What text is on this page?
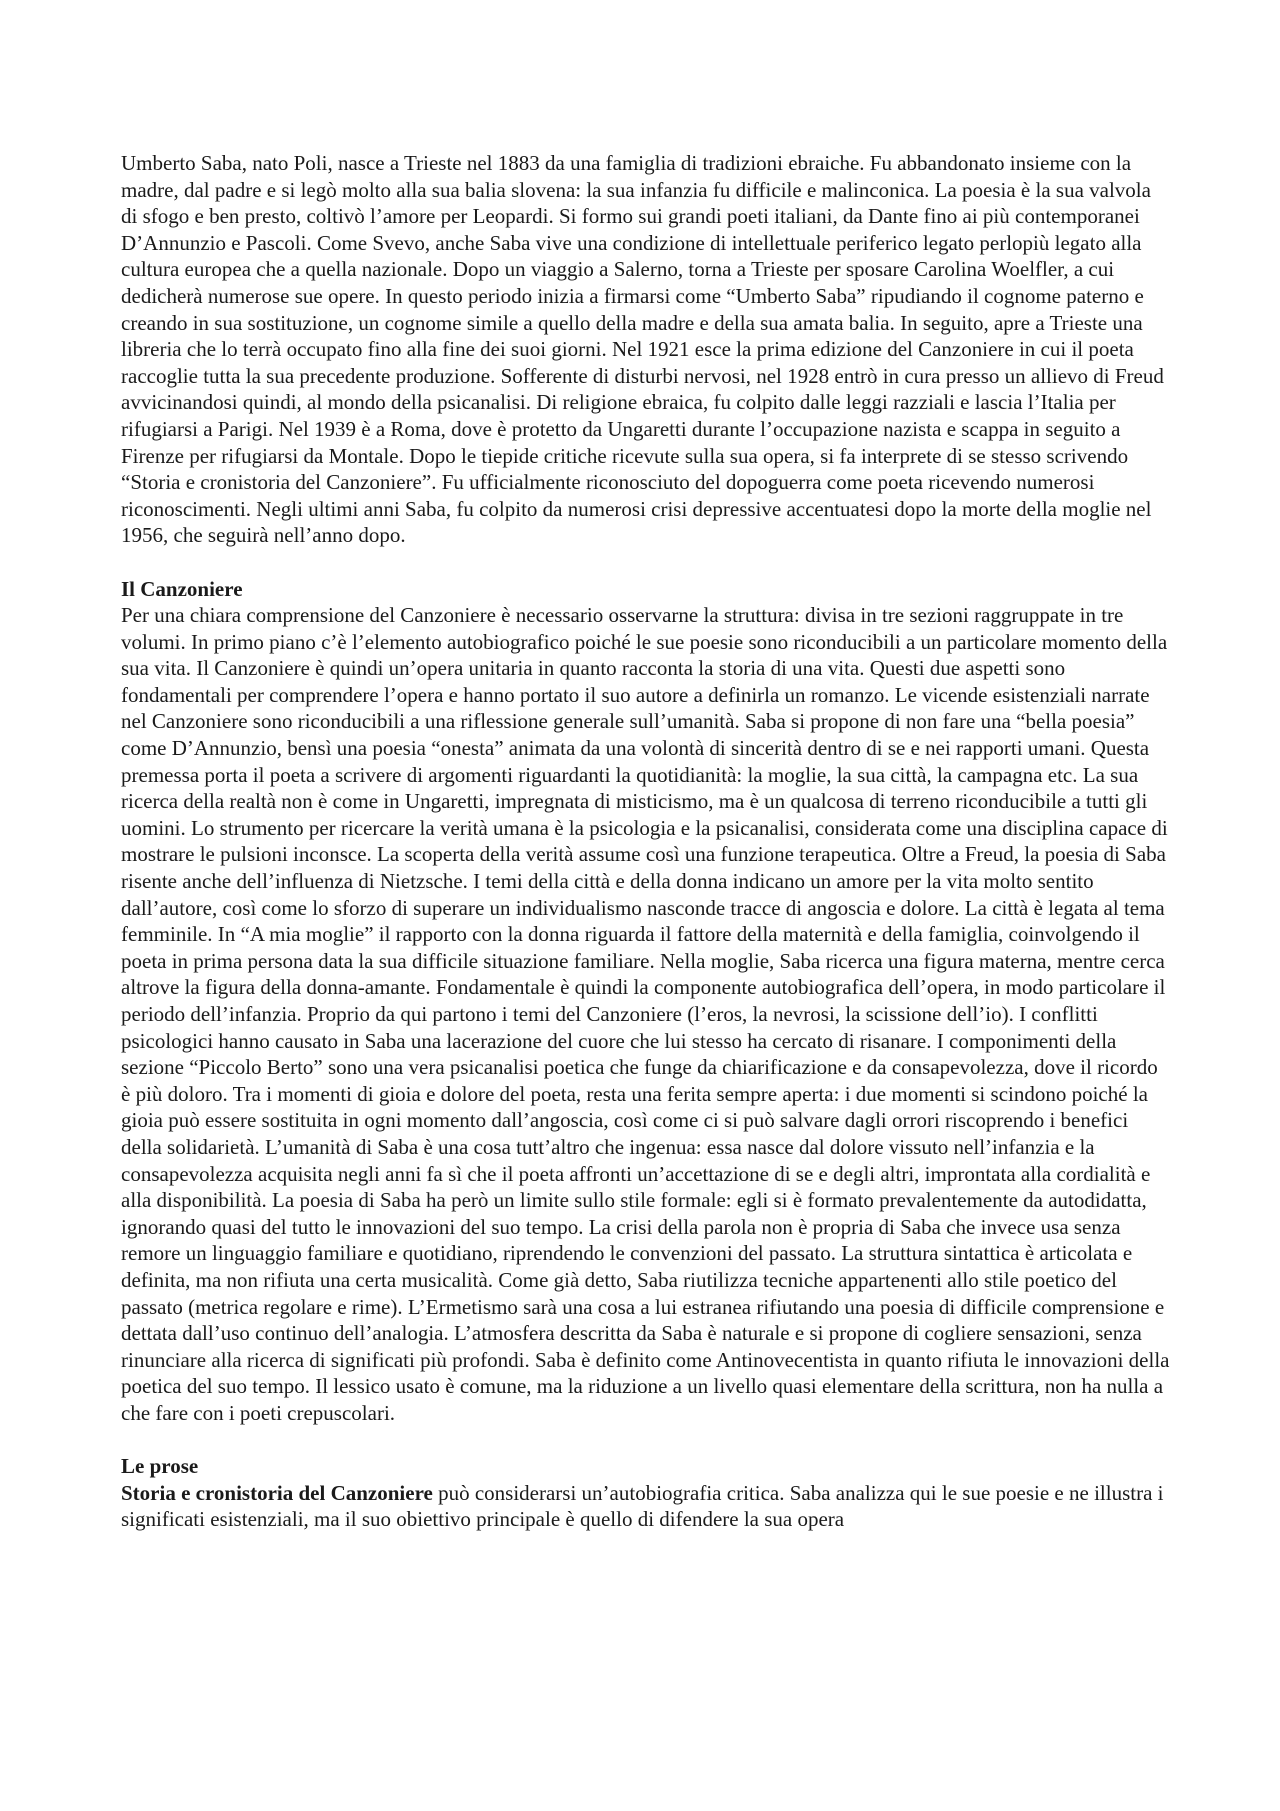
Umberto Saba, nato Poli, nasce a Trieste nel 1883 da una famiglia di tradizioni ebraiche. Fu abbandonato insieme con la madre, dal padre e si legò molto alla sua balia slovena: la sua infanzia fu difficile e malinconica. La poesia è la sua valvola di sfogo e ben presto, coltivò l’amore per Leopardi. Si formo sui grandi poeti italiani, da Dante fino ai più contemporanei D’Annunzio e Pascoli. Come Svevo, anche Saba vive una condizione di intellettuale periferico legato perlopiù legato alla cultura europea che a quella nazionale. Dopo un viaggio a Salerno, torna a Trieste per sposare Carolina Woelfler, a cui dedicherà numerose sue opere. In questo periodo inizia a firmarsi come “Umberto Saba” ripudiando il cognome paterno e creando in sua sostituzione, un cognome simile a quello della madre e della sua amata balia. In seguito, apre a Trieste una libreria che lo terrà occupato fino alla fine dei suoi giorni. Nel 1921 esce la prima edizione del Canzoniere in cui il poeta raccoglie tutta la sua precedente produzione. Sofferente di disturbi nervosi, nel 1928 entrò in cura presso un allievo di Freud avvicinandosi quindi, al mondo della psicanalisi. Di religione ebraica, fu colpito dalle leggi razziali e lascia l’Italia per rifugiarsi a Parigi. Nel 1939 è a Roma, dove è protetto da Ungaretti durante l’occupazione nazista e scappa in seguito a Firenze per rifugiarsi da Montale. Dopo le tiepide critiche ricevute sulla sua opera, si fa interprete di se stesso scrivendo “Storia e cronistoria del Canzoniere”. Fu ufficialmente riconosciuto del dopoguerra come poeta ricevendo numerosi riconoscimenti. Negli ultimi anni Saba, fu colpito da numerosi crisi depressive accentuatesi dopo la morte della moglie nel 1956, che seguirà nell’anno dopo.

Il Canzoniere

Per una chiara comprensione del Canzoniere è necessario osservarne la struttura: divisa in tre sezioni raggruppate in tre volumi. In primo piano c’è l’elemento autobiografico poiché le sue poesie sono riconducibili a un particolare momento della sua vita. Il Canzoniere è quindi un’opera unitaria in quanto racconta la storia di una vita. Questi due aspetti sono fondamentali per comprendere l’opera e hanno portato il suo autore a definirla un romanzo. Le vicende esistenziali narrate nel Canzoniere sono riconducibili a una riflessione generale sull’umanità. Saba si propone di non fare una “bella poesia” come D’Annunzio, bensì una poesia “onesta” animata da una volontà di sincerità dentro di se e nei rapporti umani. Questa premessa porta il poeta a scrivere di argomenti riguardanti la quotidianità: la moglie, la sua città, la campagna etc. La sua ricerca della realtà non è come in Ungaretti, impregnata di misticismo, ma è un qualcosa di terreno riconducibile a tutti gli uomini. Lo strumento per ricercare la verità umana è la psicologia e la psicanalisi, considerata come una disciplina capace di mostrare le pulsioni inconsce. La scoperta della verità assume così una funzione terapeutica. Oltre a Freud, la poesia di Saba risente anche dell’influenza di Nietzsche. I temi della città e della donna indicano un amore per la vita molto sentito dall’autore, così come lo sforzo di superare un individualismo nasconde tracce di angoscia e dolore. La città è legata al tema femminile. In “A mia moglie” il rapporto con la donna riguarda il fattore della maternità e della famiglia, coinvolgendo il poeta in prima persona data la sua difficile situazione familiare. Nella moglie, Saba ricerca una figura materna, mentre cerca altrove la figura della donna-amante. Fondamentale è quindi la componente autobiografica dell’opera, in modo particolare il periodo dell’infanzia. Proprio da qui partono i temi del Canzoniere (l’eros, la nevrosi, la scissione dell’io). I conflitti psicologici hanno causato in Saba una lacerazione del cuore che lui stesso ha cercato di risanare. I componimenti della sezione “Piccolo Berto” sono una vera psicanalisi poetica che funge da chiarificazione e da consapevolezza, dove il ricordo è più doloro. Tra i momenti di gioia e dolore del poeta, resta una ferita sempre aperta: i due momenti si scindono poiché la gioia può essere sostituita in ogni momento dall’angoscia, così come ci si può salvare dagli orrori riscoprendo i benefici della solidarietà. L’umanità di Saba è una cosa tutt’altro che ingenua: essa nasce dal dolore vissuto nell’infanzia e la consapevolezza acquisita negli anni fa sì che il poeta affronti un’accettazione di se e degli altri, improntata alla cordialità e alla disponibilità. La poesia di Saba ha però un limite sullo stile formale: egli si è formato prevalentemente da autodidatta, ignorando quasi del tutto le innovazioni del suo tempo. La crisi della parola non è propria di Saba che invece usa senza remore un linguaggio familiare e quotidiano, riprendendo le convenzioni del passato. La struttura sintattica è articolata e definita, ma non rifiuta una certa musicalità. Come già detto, Saba riutilizza tecniche appartenenti allo stile poetico del passato (metrica regolare e rime). L’Ermetismo sarà una cosa a lui estranea rifiutando una poesia di difficile comprensione e dettata dall’uso continuo dell’analogia. L’atmosfera descritta da Saba è naturale e si propone di cogliere sensazioni, senza rinunciare alla ricerca di significati più profondi. Saba è definito come Antinovecentista in quanto rifiuta le innovazioni della poetica del suo tempo. Il lessico usato è comune, ma la riduzione a un livello quasi elementare della scrittura, non ha nulla a che fare con i poeti crepuscolari.

Le prose

Storia e cronistoria del Canzoniere può considerarsi un’autobiografia critica. Saba analizza qui le sue poesie e ne illustra i significati esistenziali, ma il suo obiettivo principale è quello di difendere la sua opera
